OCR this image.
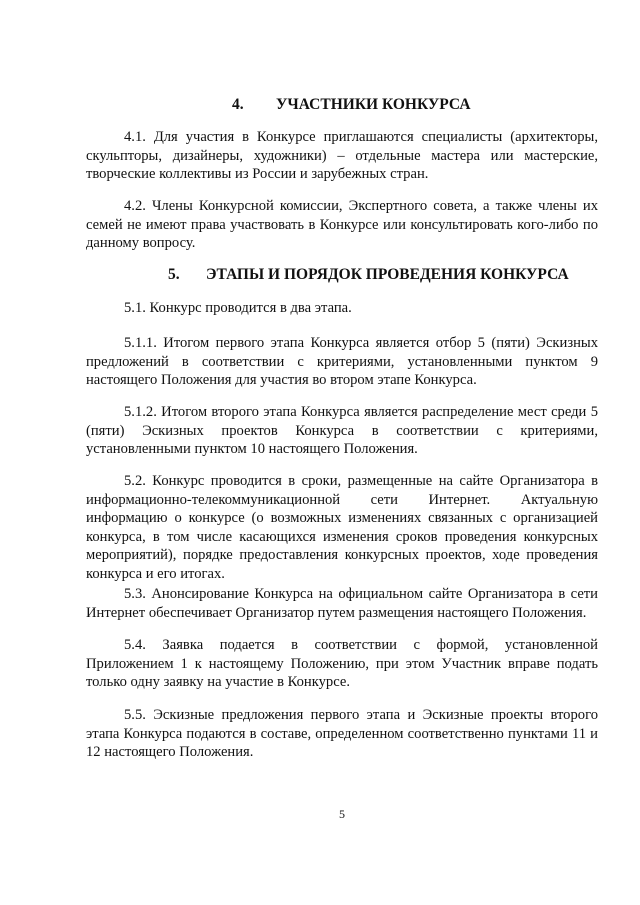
4. УЧАСТНИКИ КОНКУРСА
4.1. Для участия в Конкурсе приглашаются специалисты (архитекторы, скульпторы, дизайнеры, художники) – отдельные мастера или мастерские, творческие коллективы из России и зарубежных стран.
4.2. Члены Конкурсной комиссии, Экспертного совета, а также члены их семей не имеют права участвовать в Конкурсе или консультировать кого-либо по данному вопросу.
5. ЭТАПЫ И ПОРЯДОК ПРОВЕДЕНИЯ КОНКУРСА
5.1. Конкурс проводится в два этапа.
5.1.1. Итогом первого этапа Конкурса является отбор 5 (пяти) Эскизных предложений в соответствии с критериями, установленными пунктом 9 настоящего Положения для участия во втором этапе Конкурса.
5.1.2. Итогом второго этапа Конкурса является распределение мест среди 5 (пяти) Эскизных проектов Конкурса в соответствии с критериями, установленными пунктом 10 настоящего Положения.
5.2. Конкурс проводится в сроки, размещенные на сайте Организатора в информационно-телекоммуникационной сети Интернет. Актуальную информацию о конкурсе (о возможных изменениях связанных с организацией конкурса, в том числе касающихся изменения сроков проведения конкурсных мероприятий), порядке предоставления конкурсных проектов, ходе проведения конкурса и его итогах.
5.3. Анонсирование Конкурса на официальном сайте Организатора в сети Интернет обеспечивает Организатор путем размещения настоящего Положения.
5.4. Заявка подается в соответствии с формой, установленной Приложением 1 к настоящему Положению, при этом Участник вправе подать только одну заявку на участие в Конкурсе.
5.5. Эскизные предложения первого этапа и Эскизные проекты второго этапа Конкурса подаются в составе, определенном соответственно пунктами 11 и 12 настоящего Положения.
5
